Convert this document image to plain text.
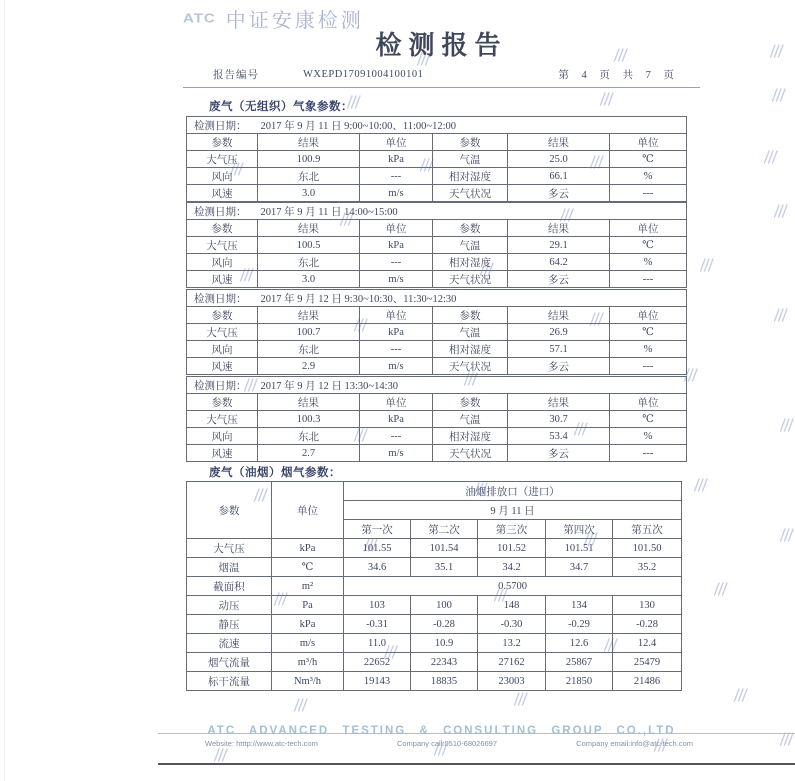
ATC 中证安康检测
检测报告
报告编号	WXEPD17091004100101	第 4 页 共 7 页
废气（无组织）气象参数：
检测日期： 2017 年 9 月 11 日 9:00~10:00、11:00~12:00					
参数	结果	单位	参数	结果	单位
大气压	100.9	kPa	气温	25.0	℃
风向	东北	---	相对湿度	66.1	%
风速	3.0	m/s	天气状况	多云	---
检测日期： 2017 年 9 月 11 日 14:00~15:00					
参数	结果	单位	参数	结果	单位
大气压	100.5	kPa	气温	29.1	℃
风向	东北	---	相对湿度	64.2	%
风速	3.0	m/s	天气状况	多云	---
检测日期： 2017 年 9 月 12 日 9:30~10:30、11:30~12:30					
参数	结果	单位	参数	结果	单位
大气压	100.7	kPa	气温	26.9	℃
风向	东北	---	相对湿度	57.1	%
风速	2.9	m/s	天气状况	多云	---
检测日期： 2017 年 9 月 12 日 13:30~14:30					
参数	结果	单位	参数	结果	单位
大气压	100.3	kPa	气温	30.7	℃
风向	东北	---	相对湿度	53.4	%
风速	2.7	m/s	天气状况	多云	---
废气（油烟）烟气参数：
参数	单位	油烟排放口（进口）				
		9 月 11 日				
		第一次	第二次	第三次	第四次	第五次
大气压	kPa	101.55	101.54	101.52	101.51	101.50
烟温	℃	34.6	35.1	34.2	34.7	35.2
截面积	m²	0.5700				
动压	Pa	103	100	148	134	130
静压	kPa	-0.31	-0.28	-0.30	-0.29	-0.28
流速	m/s	11.0	10.9	13.2	12.6	12.4
烟气流量	m³/h	22652	22343	27162	25867	25479
标干流量	Nm³/h	19143	18835	23003	21850	21486
ATC ADVANCED TESTING & CONSULTING GROUP CO.,LTD
Website: htttp://www.atc-tech.com	Company call:0510-68026697	Company email:info@atc-tech.com
